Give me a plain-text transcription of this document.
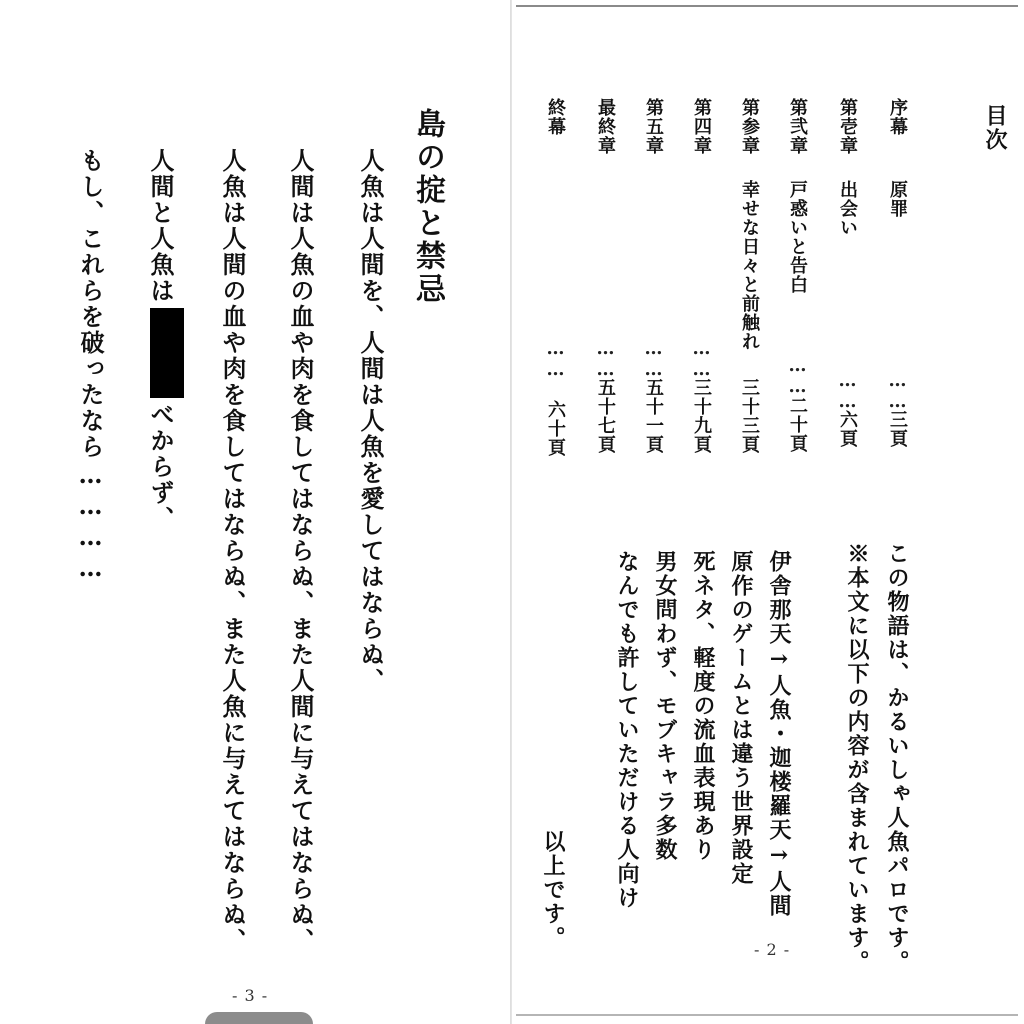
島の掟と禁忌
人魚は人間を、人間は人魚を愛してはならぬ、
人間は人魚の血や肉を食してはならぬ、また人間に与えてはならぬ、
人魚は人間の血や肉を食してはならぬ、また人魚に与えてはならぬ、
人間と人魚はべからず、
もし、これらを破ったなら…………
- 3 -
目次
序幕
原罪
……
三頁
第壱章
出会い
……
六頁
第弐章
戸惑いと告白
……
二十頁
第参章
幸せな日々と前触れ
三十三頁
第四章
……
三十九頁
第五章
……
五十一頁
最終章
……
五十七頁
終幕
……
六十頁
この物語は、かるいしゃ人魚パロです。
※本文に以下の内容が含まれています。
伊舎那天→人魚・迦楼羅天→人間
原作のゲームとは違う世界設定
死ネタ、軽度の流血表現あり
男女問わず、モブキャラ多数
なんでも許していただける人向け
以上です。	- 2 -
